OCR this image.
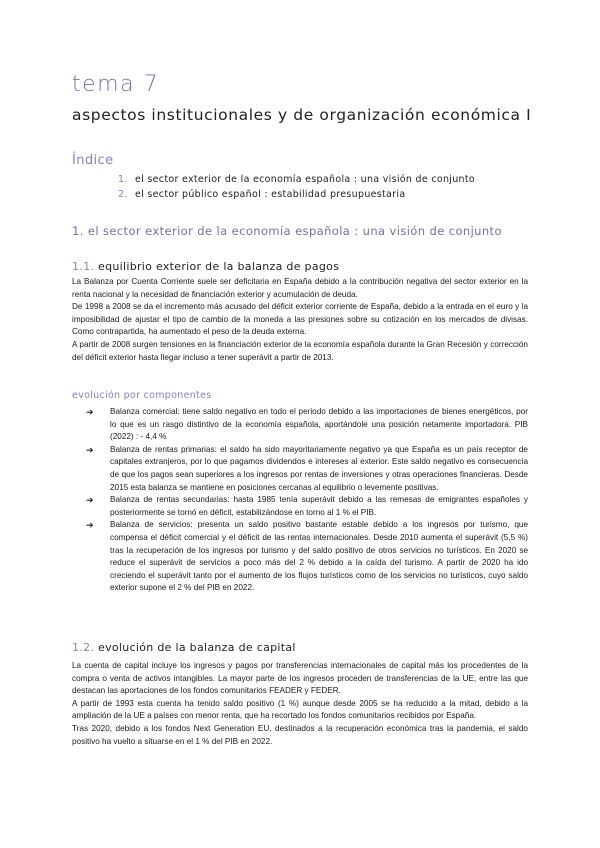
tema 7
aspectos institucionales y de organización económica I
Índice
1. el sector exterior de la economía española : una visión de conjunto
2. el sector público español : estabilidad presupuestaria
1. el sector exterior de la economía española : una visión de conjunto
1.1. equilibrio exterior de la balanza de pagos

La Balanza por Cuenta Corriente suele ser deficitaria en España debido a la contribución negativa del sector exterior en la renta nacional y la necesidad de financiación exterior y acumulación de deuda.

De 1998 a 2008 se da el incremento más acusado del déficit exterior corriente de España, debido a la entrada en el euro y la imposibilidad de ajustar el tipo de cambio de la moneda a las presiones sobre su cotización en los mercados de divisas. Como contrapartida, ha aumentado el peso de la deuda externa.

A partir de 2008 surgen tensiones en la financiación exterior de la economía española durante la Gran Recesión y corrección del déficit exterior hasta llegar incluso a tener superávit a partir de 2013.

evolución por componentes
➔	Balanza comercial: tiene saldo negativo en todo el periodo debido a las importaciones de bienes energéticos, por lo que es un rasgo distintivo de la economía española, aportándole una posición netamente importadora. PIB (2022) : - 4,4 %

➔	Balanza de rentas primarias: el saldo ha sido mayoritariamente negativo ya que España es un país receptor de capitales extranjeros, por lo que pagamos dividendos e intereses al exterior. Este saldo negativo es consecuencia de que los pagos sean superiores a los ingresos por rentas de inversiones y otras operaciones financieras. Desde 2015 esta balanza se mantiene en posiciones cercanas al equilibrio o levemente positivas.

➔	Balanza de rentas secundarias: hasta 1985 tenía superávit debido a las remesas de emigrantes españoles y posteriormente se tornó en déficit, estabilizándose en torno al 1 % el PIB.

➔	Balanza de servicios: presenta un saldo positivo bastante estable debido a los ingresos por turismo, que compensa el déficit comercial y el déficit de las rentas internacionales. Desde 2010 aumenta el superávit (5,5 %) tras la recuperación de los ingresos por turismo y del saldo positivo de otros servicios no turísticos. En 2020 se reduce el superávit de servicios a poco más del 2 % debido a la caída del turismo. A partir de 2020 ha ido creciendo el superávit tanto por el aumento de los flujos turísticos como de los servicios no turísticos, cuyo saldo exterior supone el 2 % del PIB en 2022.

1.2. evolución de la balanza de capital

La cuenta de capital incluye los ingresos y pagos por transferencias internacionales de capital más los procedentes de la compra o venta de activos intangibles. La mayor parte de los ingresos proceden de transferencias de la UE, entre las que destacan las aportaciones de los fondos comunitarios FEADER y FEDER.

A partir de 1993 esta cuenta ha tenido saldo positivo (1 %) aunque desde 2005 se ha reducido a la mitad, debido a la ampliación de la UE a países con menor renta, que ha recortado los fondos comunitarios recibidos por España.

Tras 2020, debido a los fondos Next Generation EU, destinados a la recuperación económica tras la pandemia, el saldo positivo ha vuelto a situarse en el 1 % del PIB en 2022.
